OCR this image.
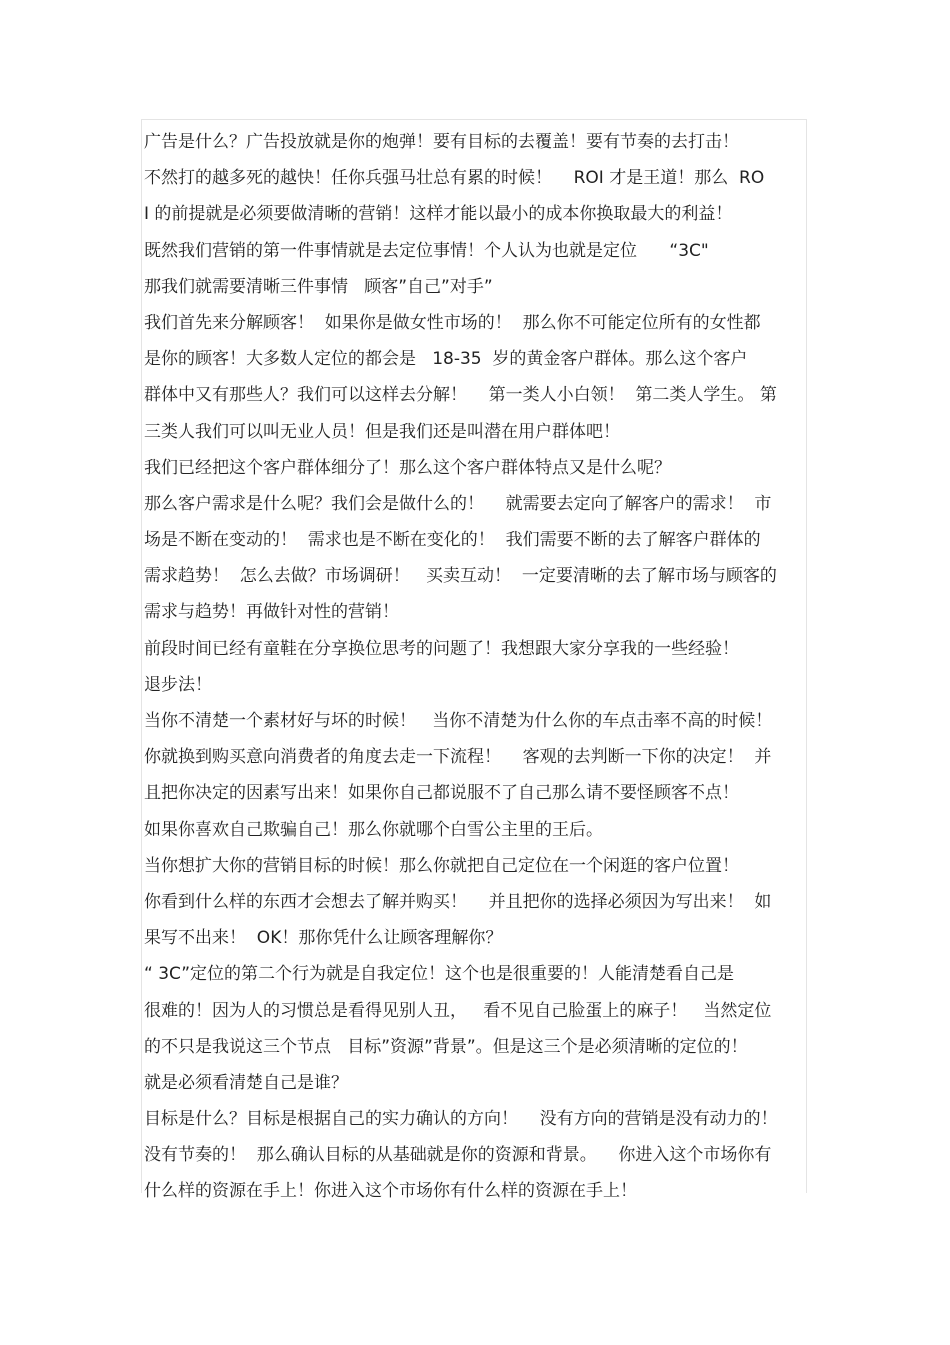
广告是什么？广告投放就是你的炮弹！要有目标的去覆盖！要有节奏的去打击！
不然打的越多死的越快！任你兵强马壮总有累的时候！    ROI 才是王道！那么  RO
I 的前提就是必须要做清晰的营销！这样才能以最小的成本你换取最大的利益！
既然我们营销的第一件事情就是去定位事情！个人认为也就是定位      “3C"
那我们就需要清晰三件事情   顾客”自己”对手”
我们首先来分解顾客！  如果你是做女性市场的！  那么你不可能定位所有的女性都
是你的顾客！大多数人定位的都会是   18-35  岁的黄金客户群体。那么这个客户
群体中又有那些人？我们可以这样去分解！    第一类人小白领！  第二类人学生。 第
三类人我们可以叫无业人员！但是我们还是叫潜在用户群体吧！
我们已经把这个客户群体细分了！那么这个客户群体特点又是什么呢？
那么客户需求是什么呢？我们会是做什么的！    就需要去定向了解客户的需求！  市
场是不断在变动的！  需求也是不断在变化的！  我们需要不断的去了解客户群体的
需求趋势！  怎么去做？市场调研！   买卖互动！  一定要清晰的去了解市场与顾客的
需求与趋势！再做针对性的营销！
前段时间已经有童鞋在分享换位思考的问题了！我想跟大家分享我的一些经验！
退步法！
当你不清楚一个素材好与坏的时候！   当你不清楚为什么你的车点击率不高的时候！
你就换到购买意向消费者的角度去走一下流程！    客观的去判断一下你的决定！  并
且把你决定的因素写出来！如果你自己都说服不了自己那么请不要怪顾客不点！
如果你喜欢自己欺骗自己！那么你就哪个白雪公主里的王后。
当你想扩大你的营销目标的时候！那么你就把自己定位在一个闲逛的客户位置！
你看到什么样的东西才会想去了解并购买！    并且把你的选择必须因为写出来！  如
果写不出来！  OK！那你凭什么让顾客理解你？
“ 3C”定位的第二个行为就是自我定位！这个也是很重要的！人能清楚看自己是
很难的！因为人的习惯总是看得见别人丑，   看不见自己脸蛋上的麻子！   当然定位
的不只是我说这三个节点   目标”资源”背景”。但是这三个是必须清晰的定位的！
就是必须看清楚自己是谁？
目标是什么？目标是根据自己的实力确认的方向！    没有方向的营销是没有动力的！
没有节奏的！  那么确认目标的从基础就是你的资源和背景。    你进入这个市场你有
什么样的资源在手上！你进入这个市场你有什么样的资源在手上！
